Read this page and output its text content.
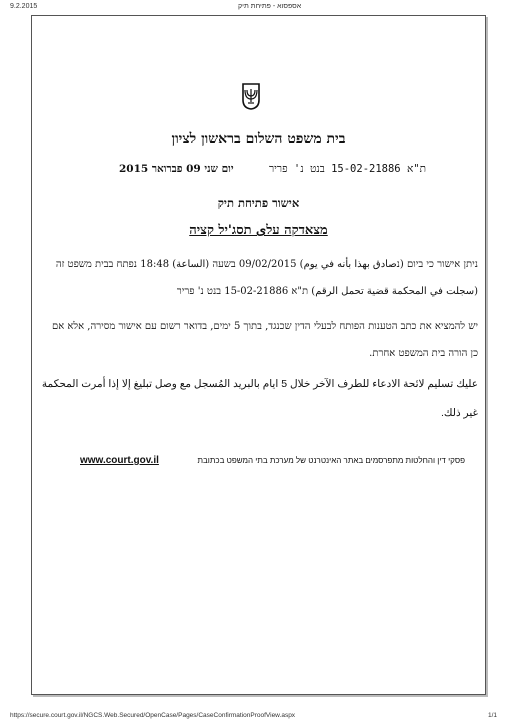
9.2.2015	אספסוא - פתיחת תיק
בית משפט השלום בראשון לציון
ת"א 15-02-21886 בנט נ' פריר
יום שני 09 פברואר 2015
אישור פתיחת תיק
מצאדקה עלى תסג'יל קציה
ניתן אישור כי ביום (נصادق بهذا بأنه في يوم) 09/02/2015 בשעה (الساعة) 18:48 נפתח בבית משפט זה
(سجلت في المحكمة قضية تحمل الرقم) ת"א 15-02-21886 בנט נ' פריר
יש להמציא את כתב הטענות הפותח לבעלי הדין שכנגד, בתוך 5 ימים, בדואר רשום עם אישור מסירה, אלא אם
כן הורה בית המשפט אחרת.
عليك تسليم لائحة الادعاء للطرف الآخر خلال 5 ايام بالبريد المُسجل مع وصل تبليغ إلا إذا أمرت المحكمة
غير ذلك.
פסקי דין והחלטות מתפרסמים באתר האינטרנט של מערכת בתי המשפט בכתובת
www.court.gov.il
https://secure.court.gov.il/NGCS.Web.Secured/OpenCase/Pages/CaseConfirmationProofView.aspx	1/1
